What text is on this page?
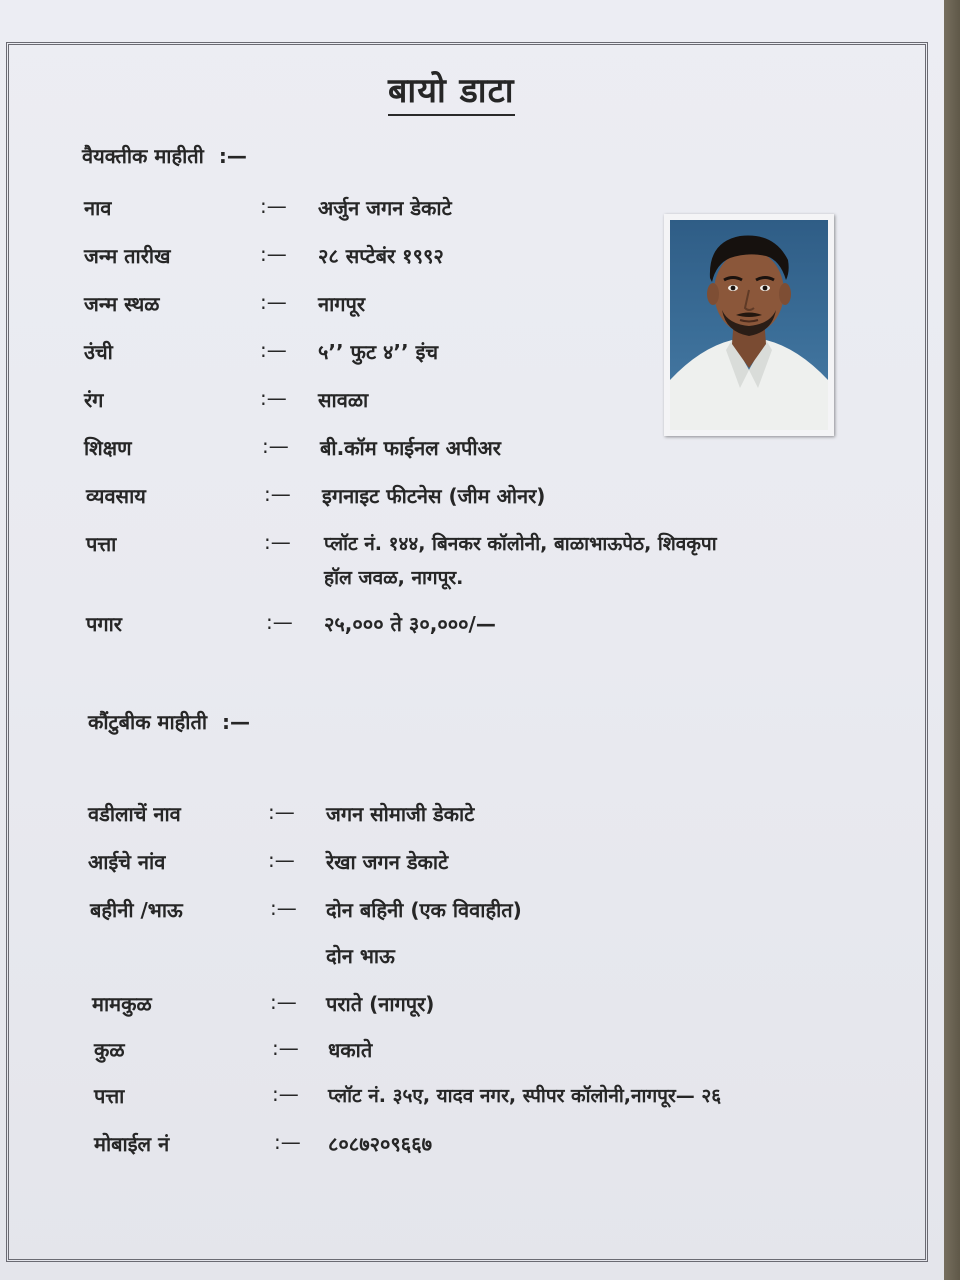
बायो डाटा
वैयक्तीक माहीती :—
नाव	:— अर्जुन जगन डेकाटे
जन्म तारीख	:— २८ सप्टेबंर १९९२
जन्म स्थळ	:— नागपूर
उंची	:— ५’’ फुट ४’’ इंच
रंग	:— सावळा
शिक्षण	:— बी.कॉम फाईनल अपीअर
व्यवसाय	:— इगनाइट फीटनेस (जीम ओनर)
पत्ता	:— प्लॉट नं. १४४, बिनकर कॉलोनी, बाळाभाऊपेठ, शिवकृपा
हॉल जवळ, नागपूर.
पगार	:— २५,००० ते ३०,०००/—
कौंटुबीक माहीती :—
वडीलाचें नाव	:— जगन सोमाजी डेकाटे
आईचे नांव	:— रेखा जगन डेकाटे
बहीनी /भाऊ	:— दोन बहिनी (एक विवाहीत)
दोन भाऊ
मामकुळ	:— पराते (नागपूर)
कुळ	:— धकाते
पत्ता	:— प्लॉट नं. ३५ए, यादव नगर, स्पीपर कॉलोनी,नागपूर— २६
मोबाईल नं	:— ८०८७२०९६६७
